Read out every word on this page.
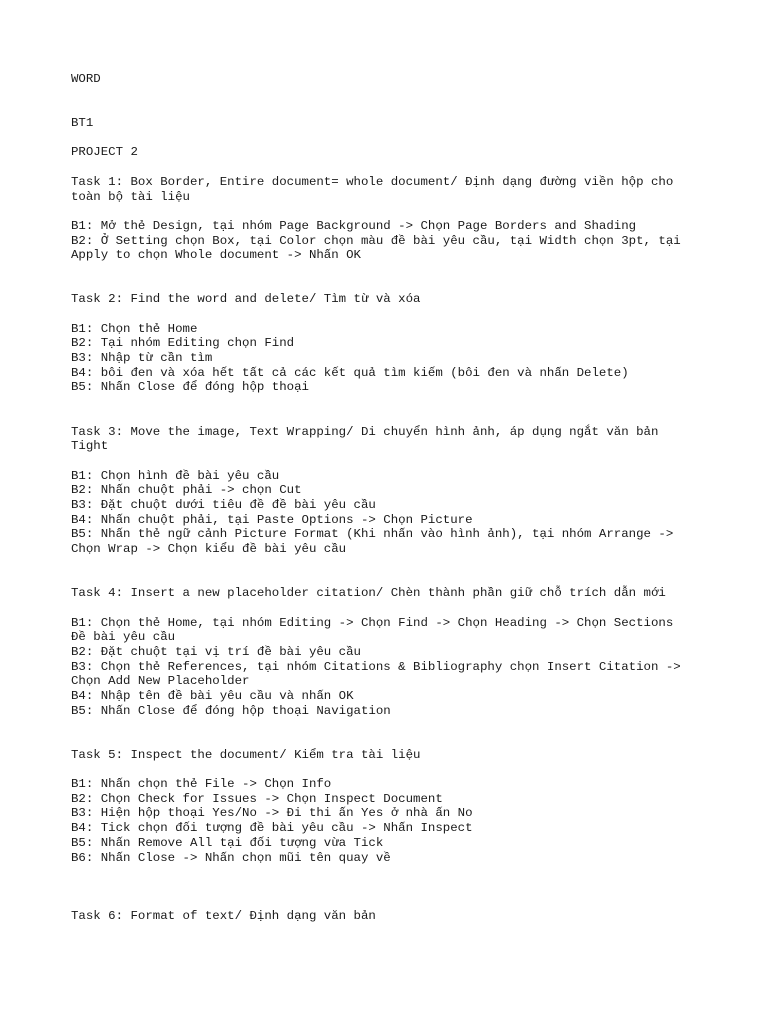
WORD
BT1
PROJECT 2
Task 1: Box Border, Entire document= whole document/ Định dạng đường viền hộp cho
toàn bộ tài liệu
B1: Mở thẻ Design, tại nhóm Page Background -> Chọn Page Borders and Shading
B2: Ở Setting chọn Box, tại Color chọn màu đề bài yêu cầu, tại Width chọn 3pt, tại
Apply to chọn Whole document -> Nhấn OK
Task 2: Find the word and delete/ Tìm từ và xóa
B1: Chọn thẻ Home
B2: Tại nhóm Editing chọn Find
B3: Nhập từ cần tìm
B4: bôi đen và xóa hết tất cả các kết quả tìm kiếm (bôi đen và nhấn Delete)
B5: Nhấn Close để đóng hộp thoại
Task 3: Move the image, Text Wrapping/ Di chuyển hình ảnh, áp dụng ngắt văn bản
Tight
B1: Chọn hình đề bài yêu cầu
B2: Nhấn chuột phải -> chọn Cut
B3: Đặt chuột dưới tiêu đề đề bài yêu cầu
B4: Nhấn chuột phải, tại Paste Options -> Chọn Picture
B5: Nhấn thẻ ngữ cảnh Picture Format (Khi nhấn vào hình ảnh), tại nhóm Arrange ->
Chọn Wrap -> Chọn kiểu đề bài yêu cầu
Task 4: Insert a new placeholder citation/ Chèn thành phần giữ chỗ trích dẫn mới
B1: Chọn thẻ Home, tại nhóm Editing -> Chọn Find -> Chọn Heading -> Chọn Sections
Đề bài yêu cầu
B2: Đặt chuột tại vị trí đề bài yêu cầu
B3: Chọn thẻ References, tại nhóm Citations & Bibliography chọn Insert Citation ->
Chọn Add New Placeholder
B4: Nhập tên đề bài yêu cầu và nhấn OK
B5: Nhấn Close để đóng hộp thoại Navigation
Task 5: Inspect the document/ Kiểm tra tài liệu
B1: Nhấn chọn thẻ File -> Chọn Info
B2: Chọn Check for Issues -> Chọn Inspect Document
B3: Hiện hộp thoại Yes/No -> Đi thi ấn Yes ở nhà ấn No
B4: Tick chọn đối tượng đề bài yêu cầu -> Nhấn Inspect
B5: Nhấn Remove All tại đối tượng vừa Tick
B6: Nhấn Close -> Nhấn chọn mũi tên quay về
Task 6: Format of text/ Định dạng văn bản
